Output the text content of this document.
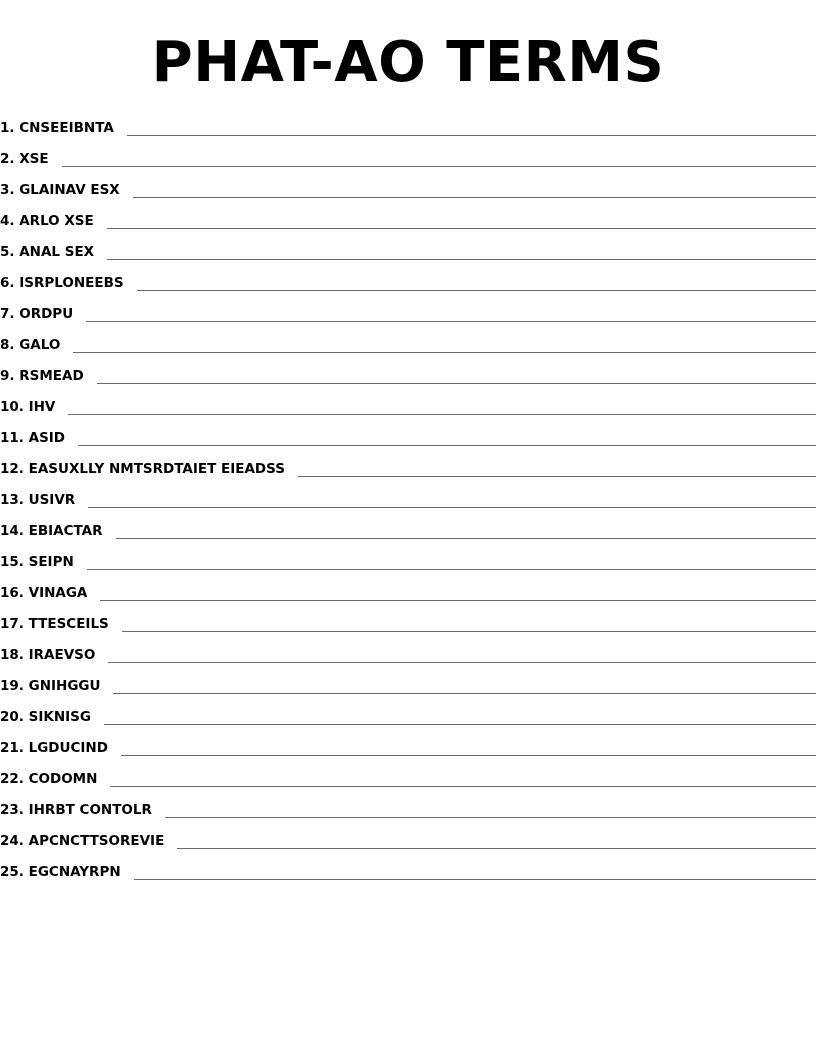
PHAT-AO TERMS
1. CNSEEIBNTA
2. XSE
3. GLAINAV ESX
4. ARLO XSE
5. ANAL SEX
6. ISRPLONEEBS
7. ORDPU
8. GALO
9. RSMEAD
10. IHV
11. ASID
12. EASUXLLY NMTSRDTAIET EIEADSS
13. USIVR
14. EBIACTAR
15. SEIPN
16. VINAGA
17. TTESCEILS
18. IRAEVSO
19. GNIHGGU
20. SIKNISG
21. LGDUCIND
22. CODOMN
23. IHRBT CONTOLR
24. APCNCTTSOREVIE
25. EGCNAYRPN
